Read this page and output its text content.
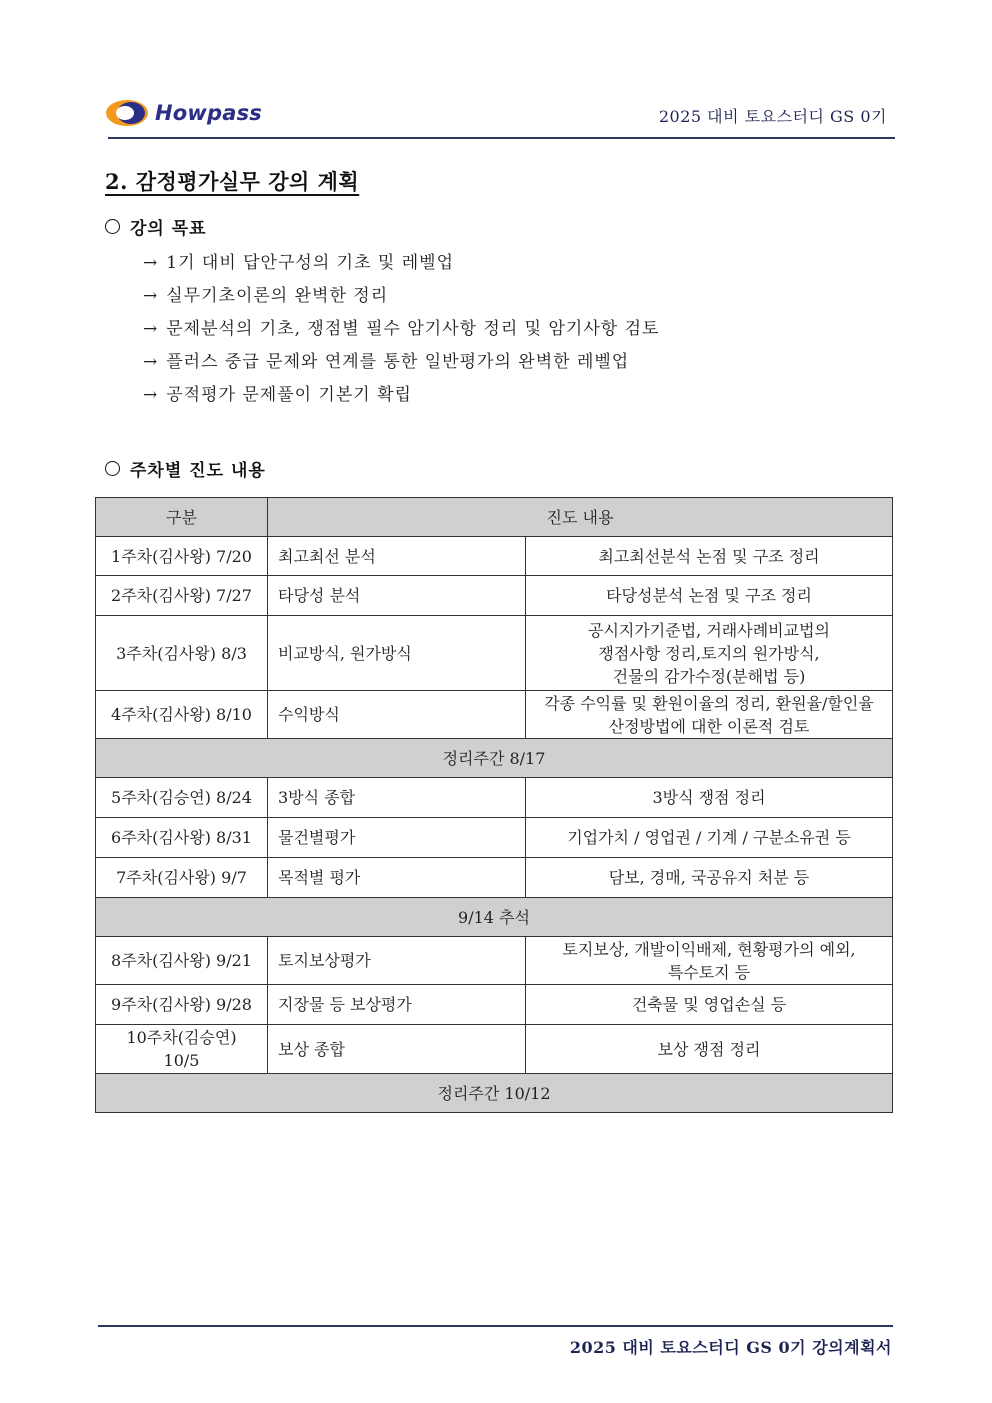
Howpass	2025 대비 토요스터디 GS 0기
2. 감정평가실무 강의 계획
강의 목표
→ 1기 대비 답안구성의 기초 및 레벨업
→ 실무기초이론의 완벽한 정리
→ 문제분석의 기초, 쟁점별 필수 암기사항 정리 및 암기사항 검토
→ 플러스 중급 문제와 연계를 통한 일반평가의 완벽한 레벨업
→ 공적평가 문제풀이 기본기 확립
주차별 진도 내용
구분	진도 내용	
1주차(김사왕) 7/20	최고최선 분석	최고최선분석 논점 및 구조 정리

2주차(김사왕) 7/27	타당성 분석	타당성분석 논점 및 구조 정리

3주차(김사왕) 8/3	비교방식, 원가방식	공시지가기준법, 거래사례비교법의
쟁점사항 정리,토지의 원가방식,
건물의 감가수정(분해법 등)

4주차(김사왕) 8/10	수익방식	각종 수익률 및 환원이율의 정리, 환원율/할인율
산정방법에 대한 이론적 검토

정리주간 8/17		
5주차(김승연) 8/24	3방식 종합	3방식 쟁점 정리

6주차(김사왕) 8/31	물건별평가	기업가치 / 영업권 / 기계 / 구분소유권 등

7주차(김사왕) 9/7	목적별 평가	담보, 경매, 국공유지 처분 등

9/14 추석		
8주차(김사왕) 9/21	토지보상평가	토지보상, 개발이익배제, 현황평가의 예외,
특수토지 등

9주차(김사왕) 9/28	지장물 등 보상평가	건축물 및 영업손실 등

10주차(김승연)
10/5	보상 종합	보상 쟁점 정리

정리주간 10/12		
2025 대비 토요스터디 GS 0기 강의계획서
